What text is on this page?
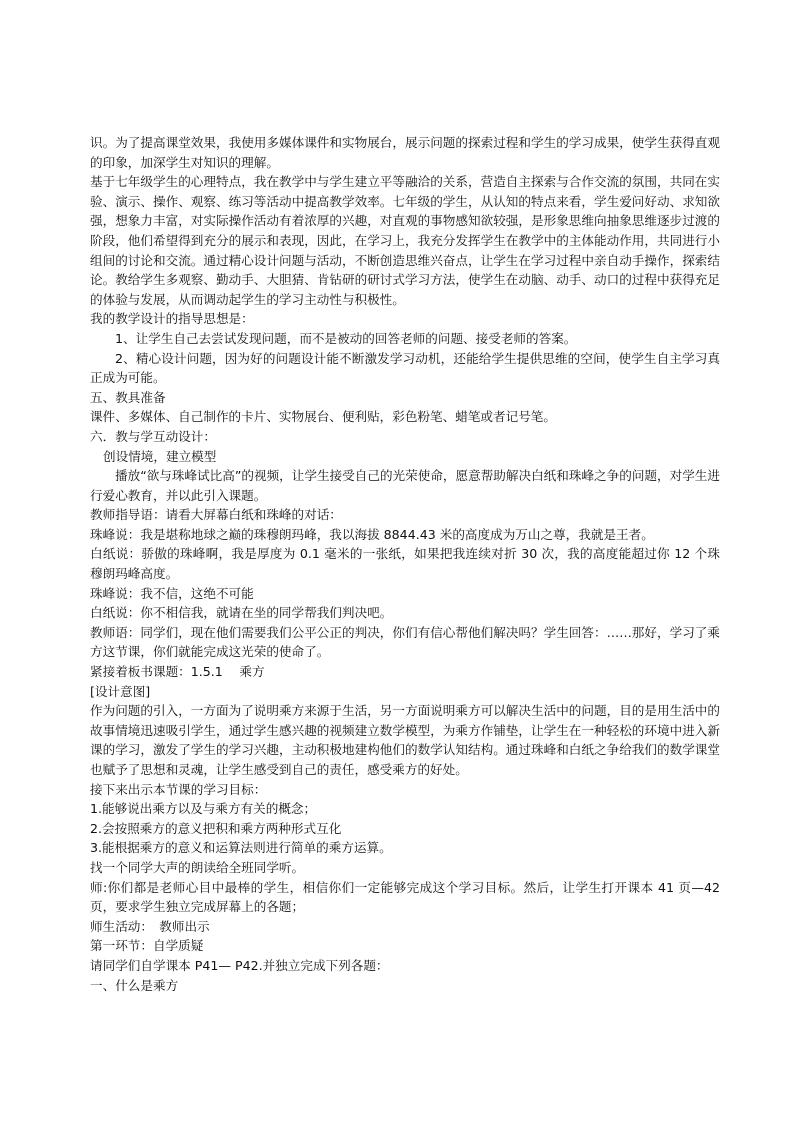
识。为了提高课堂效果，我使用多媒体课件和实物展台，展示问题的探索过程和学生的学习成果，使学生获得直观的印象，加深学生对知识的理解。

基于七年级学生的心理特点，我在教学中与学生建立平等融洽的关系，营造自主探索与合作交流的氛围，共同在实验、演示、操作、观察、练习等活动中提高教学效率。七年级的学生，从认知的特点来看，学生爱问好动、求知欲强，想象力丰富，对实际操作活动有着浓厚的兴趣，对直观的事物感知欲较强，是形象思维向抽象思维逐步过渡的阶段，他们希望得到充分的展示和表现，因此，在学习上，我充分发挥学生在教学中的主体能动作用，共同进行小组间的讨论和交流。通过精心设计问题与活动，不断创造思维兴奋点，让学生在学习过程中亲自动手操作，探索结论。教给学生多观察、勤动手、大胆猜、肯钻研的研讨式学习方法，使学生在动脑、动手、动口的过程中获得充足的体验与发展，从而调动起学生的学习主动性与积极性。

我的教学设计的指导思想是：

1、让学生自己去尝试发现问题，而不是被动的回答老师的问题、接受老师的答案。

2、精心设计问题，因为好的问题设计能不断激发学习动机，还能给学生提供思维的空间，使学生自主学习真正成为可能。

五、教具准备

课件、多媒体、自己制作的卡片、实物展台、便利贴，彩色粉笔、蜡笔或者记号笔。

六．教与学互动设计：

创设情境，建立模型

播放“欲与珠峰试比高”的视频，让学生接受自己的光荣使命，愿意帮助解决白纸和珠峰之争的问题，对学生进行爱心教育，并以此引入课题。

教师指导语：请看大屏幕白纸和珠峰的对话：

珠峰说：我是堪称地球之巅的珠穆朗玛峰，我以海拔 8844.43 米的高度成为万山之尊，我就是王者。

白纸说：骄傲的珠峰啊，我是厚度为 0.1 毫米的一张纸，如果把我连续对折 30 次，我的高度能超过你 12 个珠穆朗玛峰高度。

珠峰说：我不信，这绝不可能

白纸说：你不相信我，就请在坐的同学帮我们判决吧。

教师语：同学们，现在他们需要我们公平公正的判决，你们有信心帮他们解决吗？学生回答：……那好，学习了乘方这节课，你们就能完成这光荣的使命了。

紧接着板书课题：1.5.1　 乘方

[设计意图]

作为问题的引入，一方面为了说明乘方来源于生活，另一方面说明乘方可以解决生活中的问题，目的是用生活中的故事情境迅速吸引学生，通过学生感兴趣的视频建立数学模型，为乘方作铺垫，让学生在一种轻松的环境中进入新课的学习，激发了学生的学习兴趣，主动积极地建构他们的数学认知结构。通过珠峰和白纸之争给我们的数学课堂也赋予了思想和灵魂，让学生感受到自己的责任，感受乘方的好处。

接下来出示本节课的学习目标：

1.能够说出乘方以及与乘方有关的概念；

2.会按照乘方的意义把积和乘方两种形式互化

3.能根据乘方的意义和运算法则进行简单的乘方运算。

找一个同学大声的朗读给全班同学听。

师:你们都是老师心目中最棒的学生，相信你们一定能够完成这个学习目标。然后，让学生打开课本 41 页—42 页，要求学生独立完成屏幕上的各题；

师生活动：　教师出示

第一环节：自学质疑

请同学们自学课本 P41— P42.并独立完成下列各题：

一、什么是乘方
